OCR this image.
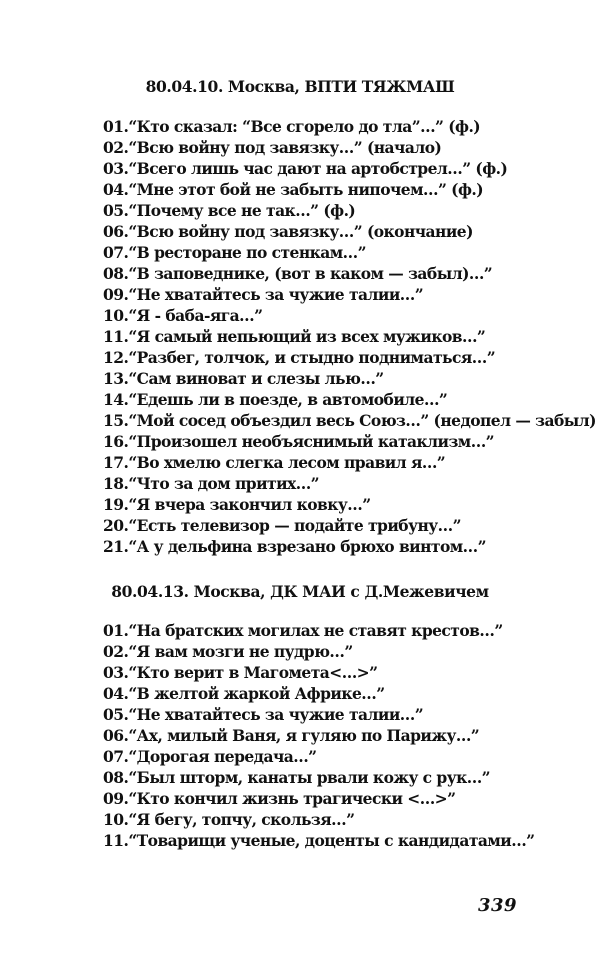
80.04.10. Москва, ВПТИ ТЯЖМАШ
01.“Кто сказал: “Все сгорело до тла”…” (ф.)
02.“Всю войну под завязку…” (начало)
03.“Всего лишь час дают на артобстрел…” (ф.)
04.“Мне этот бой не забыть нипочем…” (ф.)
05.“Почему все не так…” (ф.)
06.“Всю войну под завязку…” (окончание)
07.“В ресторане по стенкам…”
08.“В заповеднике, (вот в каком — забыл)…”
09.“Не хватайтесь за чужие талии…”
10.“Я - баба-яга…”
11.“Я самый непьющий из всех мужиков…”
12.“Разбег, толчок, и стыдно подниматься…”
13.“Сам виноват и слезы лью…”
14.“Едешь ли в поезде, в автомобиле…”
15.“Мой сосед объездил весь Союз…” (недопел — забыл)
16.“Произошел необъяснимый катаклизм…”
17.“Во хмелю слегка лесом правил я…”
18.“Что за дом притих…”
19.“Я вчера закончил ковку…”
20.“Есть телевизор — подайте трибуну…”
21.“А у дельфина взрезано брюхо винтом…”
80.04.13. Москва, ДК МАИ с Д.Межевичем
01.“На братских могилах не ставят крестов…”
02.“Я вам мозги не пудрю…”
03.“Кто верит в Магомета<…>”
04.“В желтой жаркой Африке…”
05.“Не хватайтесь за чужие талии…”
06.“Ах, милый Ваня, я гуляю по Парижу…”
07.“Дорогая передача…”
08.“Был шторм, канаты рвали кожу с рук…”
09.“Кто кончил жизнь трагически <…>”
10.“Я бегу, топчу, скользя…”
11.“Товарищи ученые, доценты с кандидатами…”
339
